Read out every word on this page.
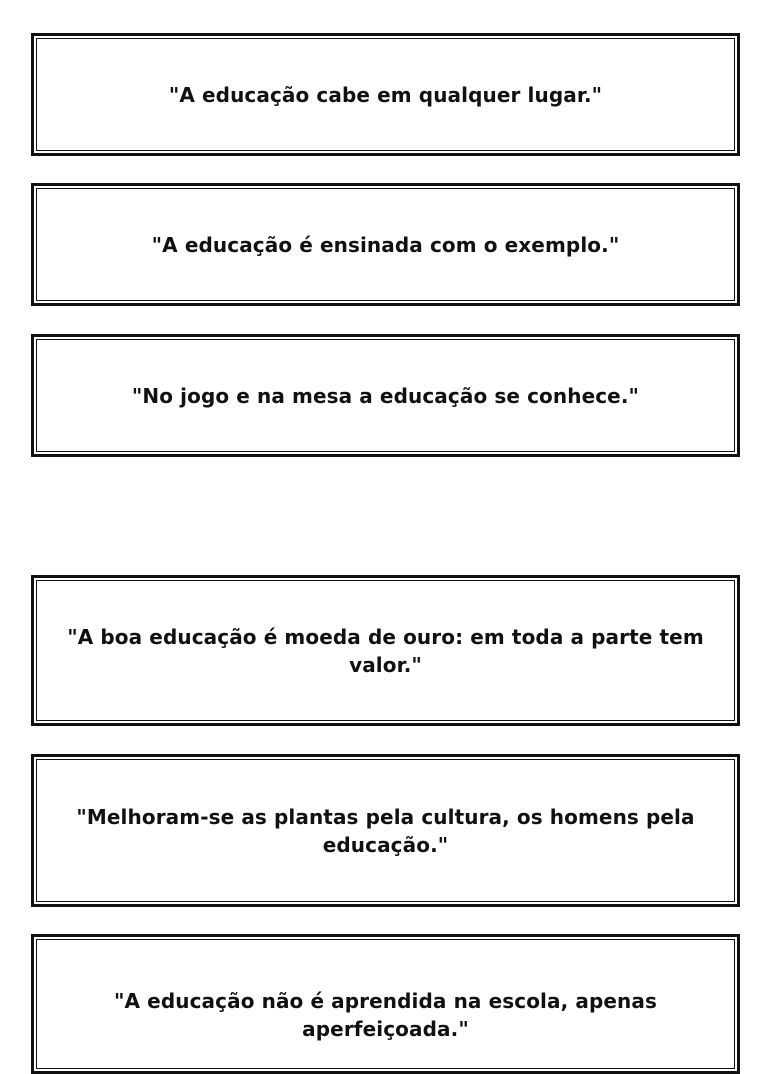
"A educação cabe em qualquer lugar."
"A educação é ensinada com o exemplo."
"No jogo e na mesa a educação se conhece."
"A boa educação é moeda de ouro: em toda a parte tem valor."
"Melhoram-se as plantas pela cultura, os homens pela educação."
"A educação não é aprendida na escola, apenas aperfeiçoada."
